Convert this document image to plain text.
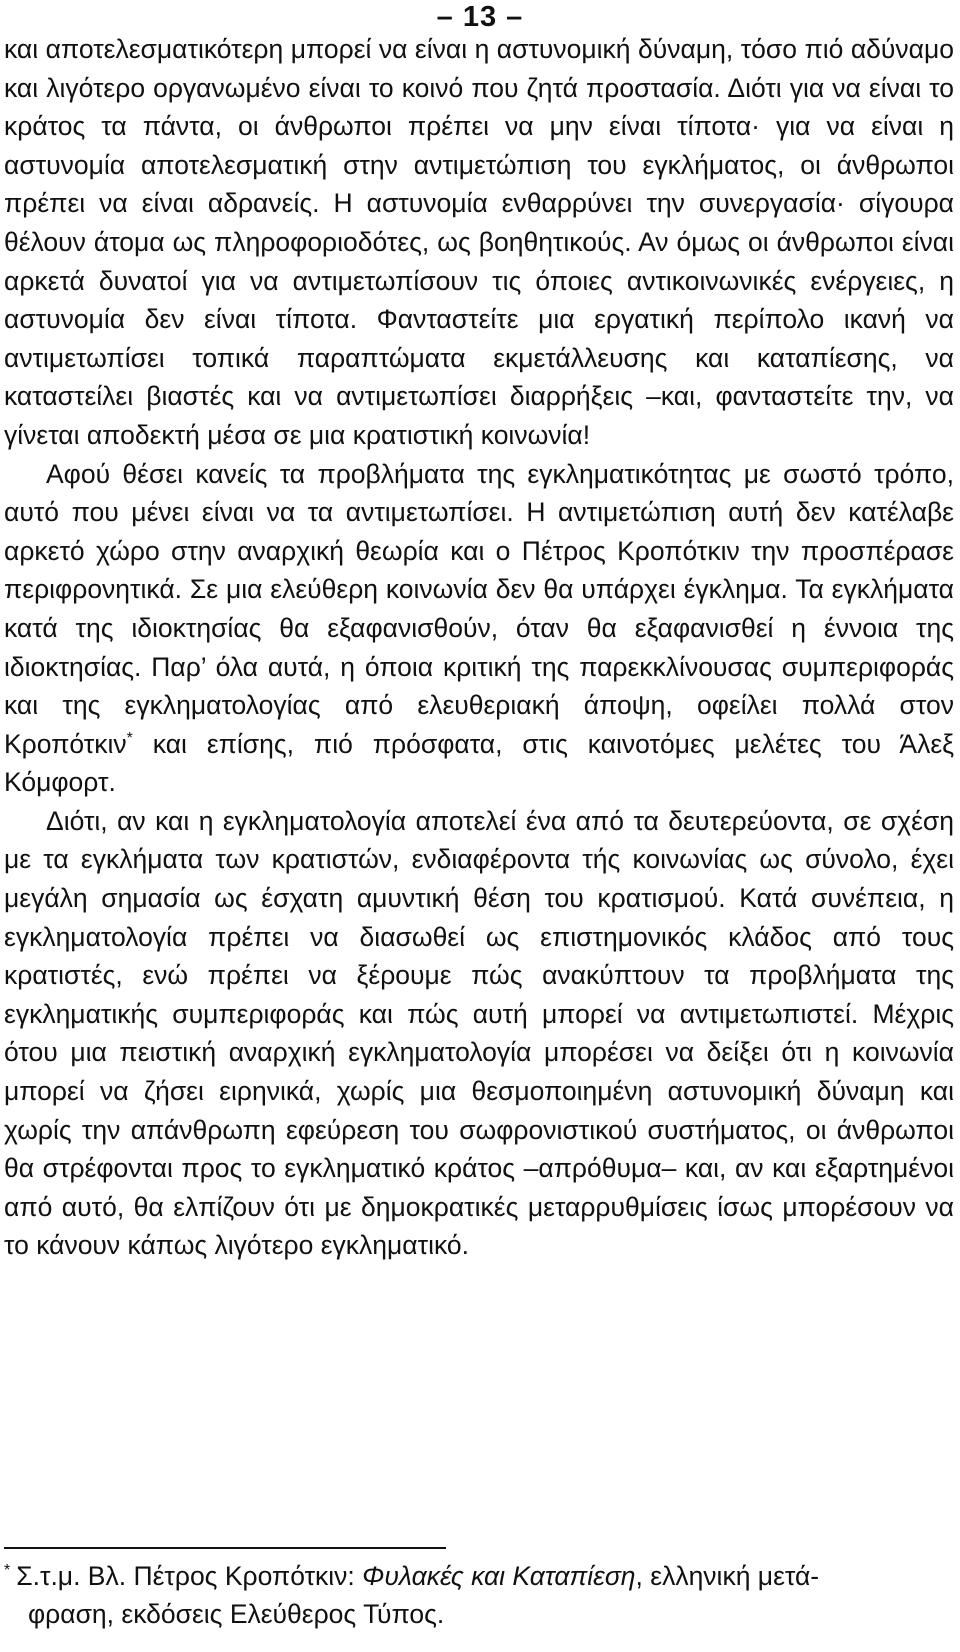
– 13 –

και αποτελεσματικότερη μπορεί να είναι η αστυνομική δύναμη, τόσο πιό αδύναμο και λιγότερο οργανωμένο είναι το κοινό που ζητά προστασία. Διότι για να είναι το κράτος τα πάντα, οι άνθρωποι πρέπει να μην είναι τίποτα· για να είναι η αστυνομία αποτελεσματική στην αντιμετώπιση του εγκλήματος, οι άνθρωποι πρέπει να είναι αδρανείς. Η αστυνομία ενθαρρύνει την συνεργασία· σίγουρα θέλουν άτομα ως πληροφοριοδότες, ως βοηθητικούς. Αν όμως οι άνθρωποι είναι αρκετά δυνατοί για να αντιμετωπίσουν τις όποιες αντικοινωνικές ενέργειες, η αστυνομία δεν είναι τίποτα. Φανταστείτε μια εργατική περίπολο ικανή να αντιμετωπίσει τοπικά παραπτώματα εκμετάλλευσης και καταπίεσης, να καταστείλει βιαστές και να αντιμετωπίσει διαρρήξεις –και, φανταστείτε την, να γίνεται αποδεκτή μέσα σε μια κρατιστική κοινωνία!

Αφού θέσει κανείς τα προβλήματα της εγκληματικότητας με σωστό τρόπο, αυτό που μένει είναι να τα αντιμετωπίσει. Η αντιμετώπιση αυτή δεν κατέλαβε αρκετό χώρο στην αναρχική θεωρία και ο Πέτρος Κροπότκιν την προσπέρασε περιφρονητικά. Σε μια ελεύθερη κοινωνία δεν θα υπάρχει έγκλημα. Τα εγκλήματα κατά της ιδιοκτησίας θα εξαφανισθούν, όταν θα εξαφανισθεί η έννοια της ιδιοκτησίας. Παρ’ όλα αυτά, η όποια κριτική της παρεκκλίνουσας συμπεριφοράς και της εγκληματολογίας από ελευθεριακή άποψη, οφείλει πολλά στον Κροπότκιν* και επίσης, πιό πρόσφατα, στις καινοτόμες μελέτες του Άλεξ Κόμφορτ.

Διότι, αν και η εγκληματολογία αποτελεί ένα από τα δευτερεύοντα, σε σχέση με τα εγκλήματα των κρατιστών, ενδιαφέροντα τής κοινωνίας ως σύνολο, έχει μεγάλη σημασία ως έσχατη αμυντική θέση του κρατισμού. Κατά συνέπεια, η εγκληματολογία πρέπει να διασωθεί ως επιστημονικός κλάδος από τους κρατιστές, ενώ πρέπει να ξέρουμε πώς ανακύπτουν τα προβλήματα της εγκληματικής συμπεριφοράς και πώς αυτή μπορεί να αντιμετωπιστεί. Μέχρις ότου μια πειστική αναρχική εγκληματολογία μπορέσει να δείξει ότι η κοινωνία μπορεί να ζήσει ειρηνικά, χωρίς μια θεσμοποιημένη αστυνομική δύναμη και χωρίς την απάνθρωπη εφεύρεση του σωφρονιστικού συστήματος, οι άνθρωποι θα στρέφονται προς το εγκληματικό κράτος –απρόθυμα– και, αν και εξαρτημένοι από αυτό, θα ελπίζουν ότι με δημοκρατικές μεταρρυθμίσεις ίσως μπορέσουν να το κάνουν κάπως λιγότερο εγκληματικό.

* Σ.τ.μ. Βλ. Πέτρος Κροπότκιν: Φυλακές και Καταπίεση, ελληνική μετά-
φραση, εκδόσεις Ελεύθερος Τύπος.
